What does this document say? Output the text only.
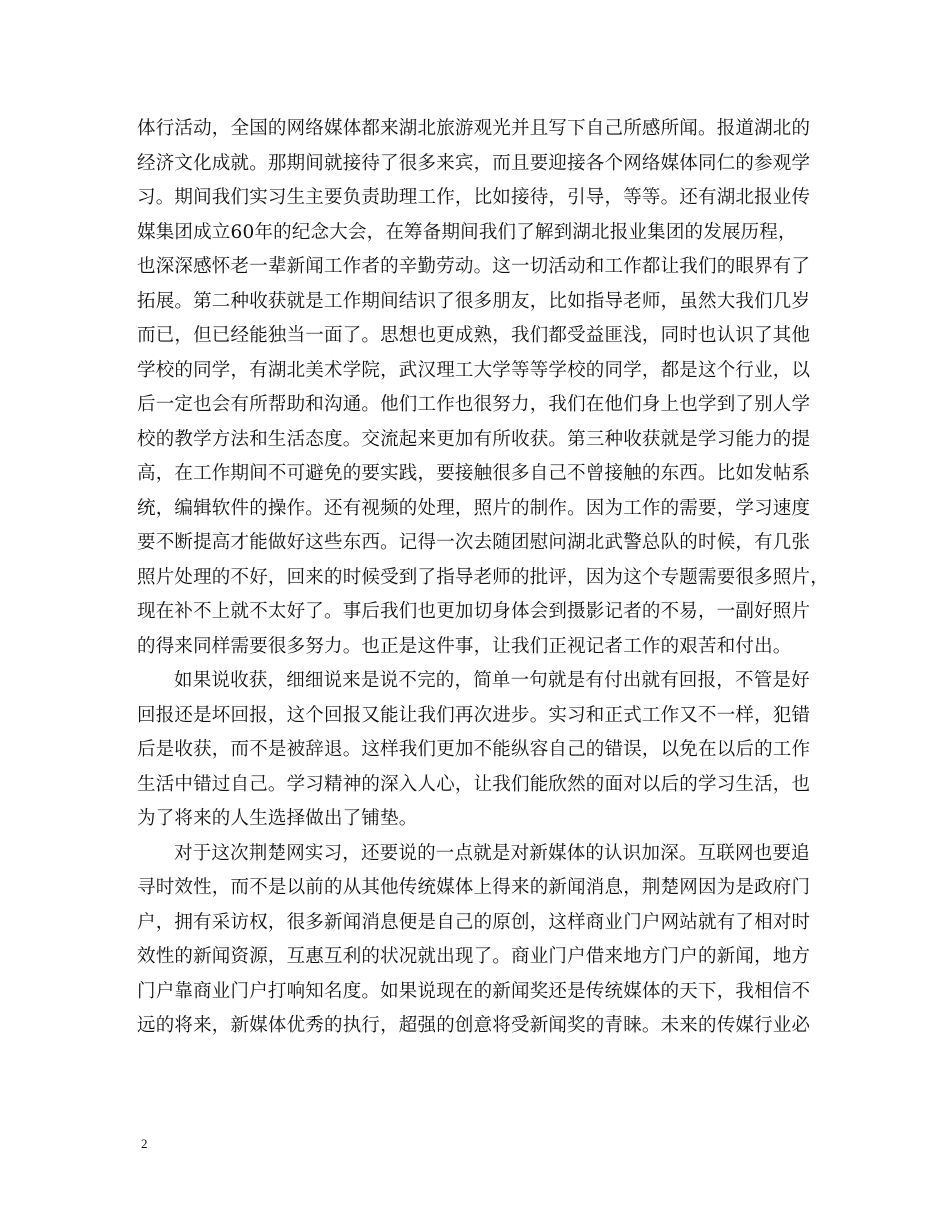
体行活动，全国的网络媒体都来湖北旅游观光并且写下自己所感所闻。报道湖北的
经济文化成就。那期间就接待了很多来宾，而且要迎接各个网络媒体同仁的参观学
习。期间我们实习生主要负责助理工作，比如接待，引导，等等。还有湖北报业传
媒集团成立60年的纪念大会，在筹备期间我们了解到湖北报业集团的发展历程，
也深深感怀老一辈新闻工作者的辛勤劳动。这一切活动和工作都让我们的眼界有了
拓展。第二种收获就是工作期间结识了很多朋友，比如指导老师，虽然大我们几岁
而已，但已经能独当一面了。思想也更成熟，我们都受益匪浅，同时也认识了其他
学校的同学，有湖北美术学院，武汉理工大学等等学校的同学，都是这个行业，以
后一定也会有所帮助和沟通。他们工作也很努力，我们在他们身上也学到了别人学
校的教学方法和生活态度。交流起来更加有所收获。第三种收获就是学习能力的提
高，在工作期间不可避免的要实践，要接触很多自己不曾接触的东西。比如发帖系
统，编辑软件的操作。还有视频的处理，照片的制作。因为工作的需要，学习速度
要不断提高才能做好这些东西。记得一次去随团慰问湖北武警总队的时候，有几张
照片处理的不好，回来的时候受到了指导老师的批评，因为这个专题需要很多照片，
现在补不上就不太好了。事后我们也更加切身体会到摄影记者的不易，一副好照片
的得来同样需要很多努力。也正是这件事，让我们正视记者工作的艰苦和付出。
如果说收获，细细说来是说不完的，简单一句就是有付出就有回报，不管是好
回报还是坏回报，这个回报又能让我们再次进步。实习和正式工作又不一样，犯错
后是收获，而不是被辞退。这样我们更加不能纵容自己的错误，以免在以后的工作
生活中错过自己。学习精神的深入人心，让我们能欣然的面对以后的学习生活，也
为了将来的人生选择做出了铺垫。
对于这次荆楚网实习，还要说的一点就是对新媒体的认识加深。互联网也要追
寻时效性，而不是以前的从其他传统媒体上得来的新闻消息，荆楚网因为是政府门
户，拥有采访权，很多新闻消息便是自己的原创，这样商业门户网站就有了相对时
效性的新闻资源，互惠互利的状况就出现了。商业门户借来地方门户的新闻，地方
门户靠商业门户打响知名度。如果说现在的新闻奖还是传统媒体的天下，我相信不
远的将来，新媒体优秀的执行，超强的创意将受新闻奖的青睐。未来的传媒行业必
2
